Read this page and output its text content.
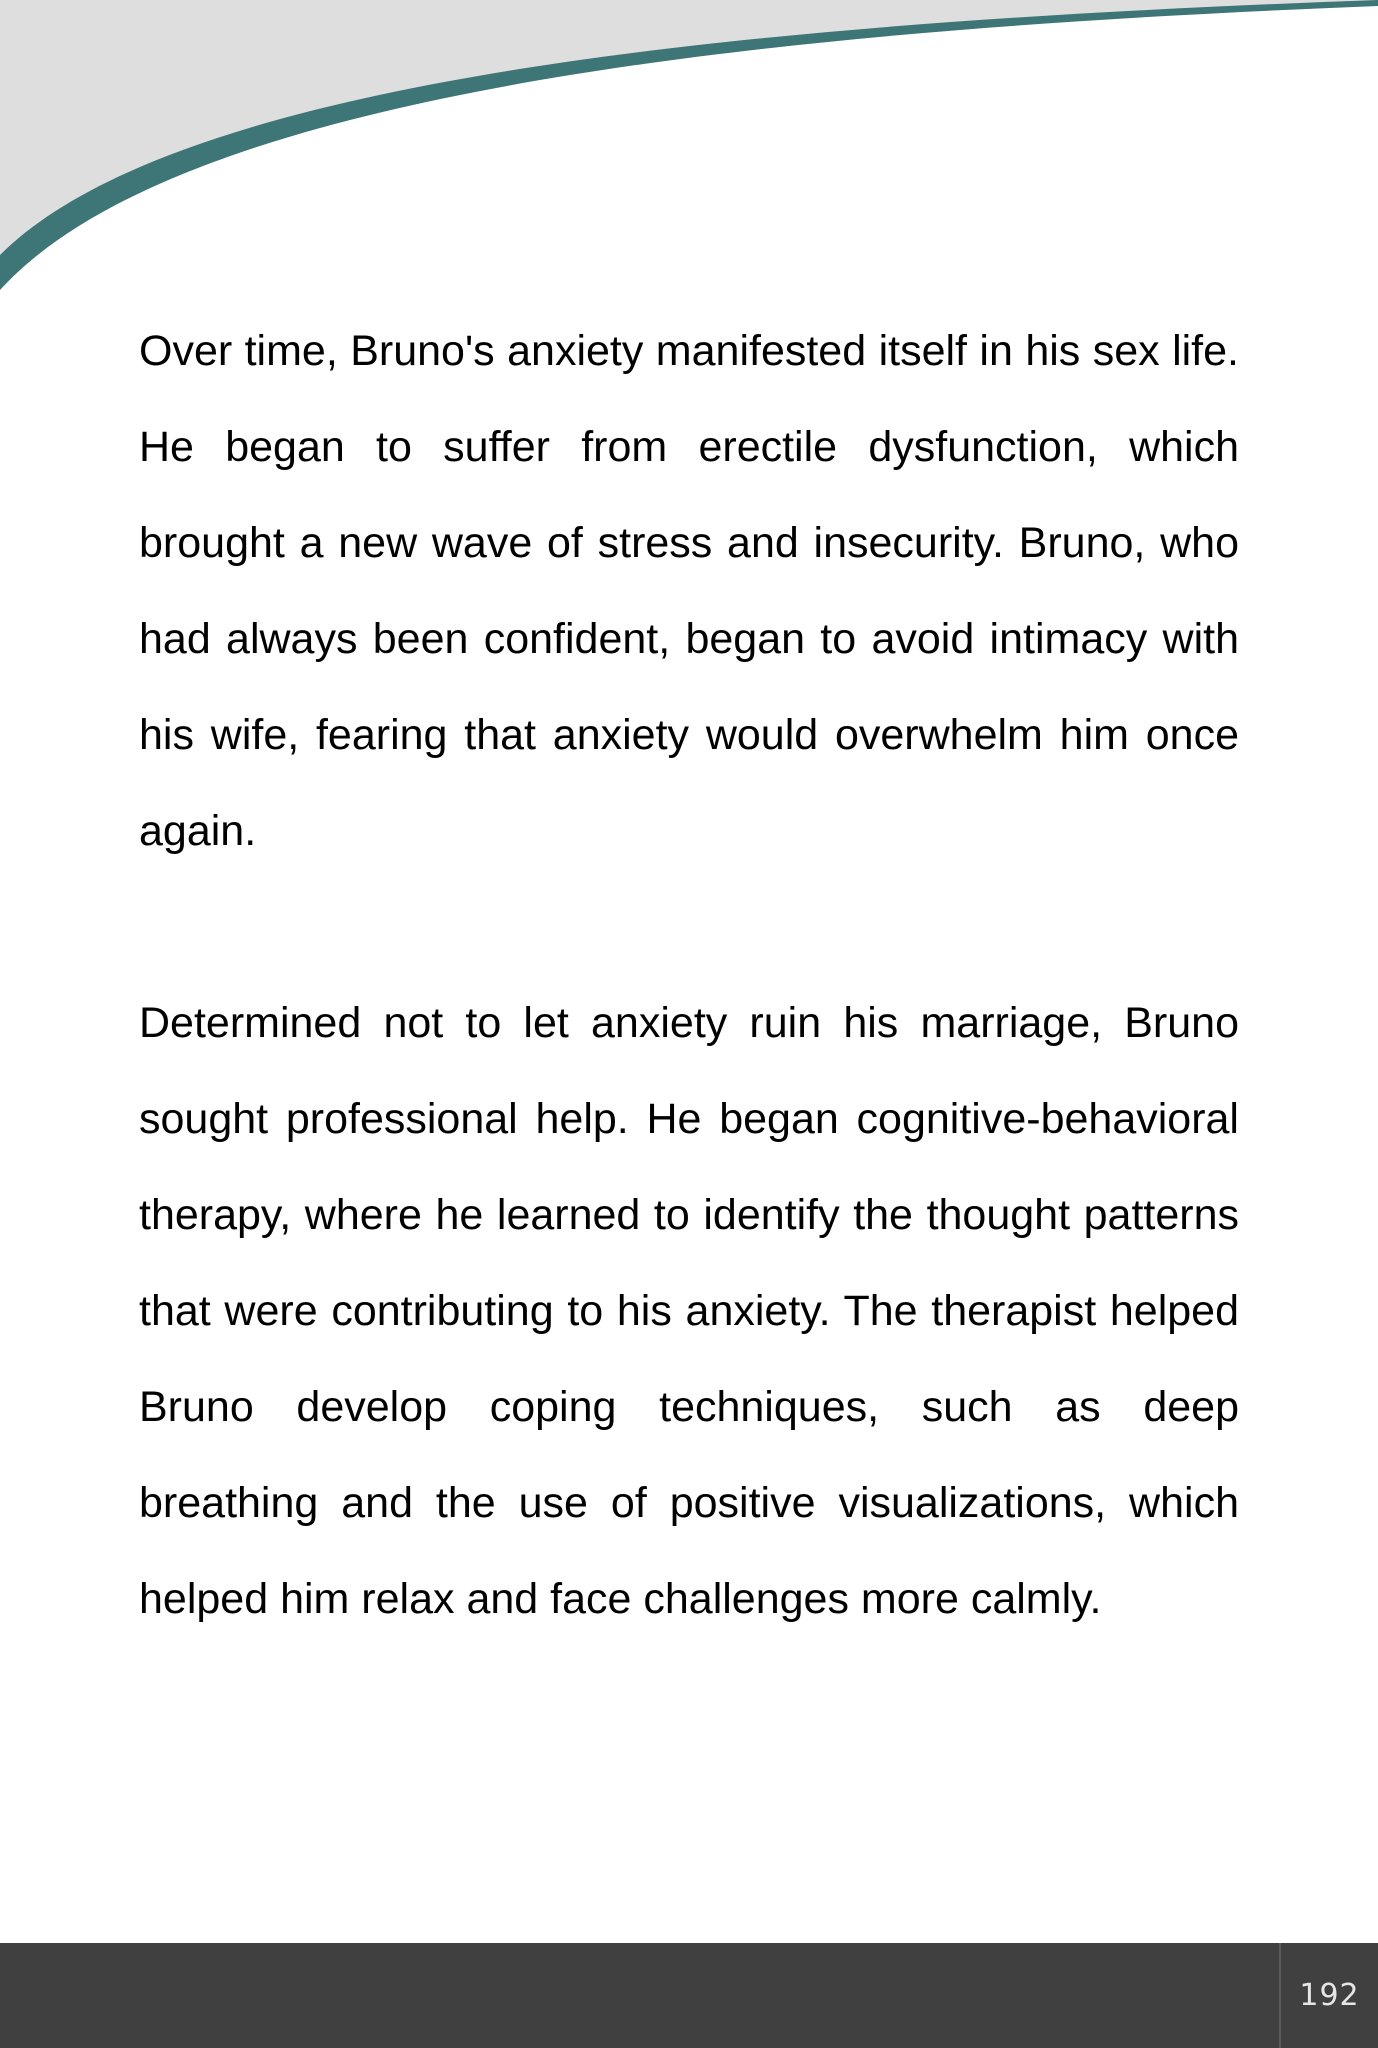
Over time, Bruno's anxiety manifested itself in his sex life. He began to suffer from erectile dysfunction, which brought a new wave of stress and insecurity. Bruno, who had always been confident, began to avoid intimacy with his wife, fearing that anxiety would overwhelm him once again.

Determined not to let anxiety ruin his marriage, Bruno sought professional help. He began cognitive-behavioral therapy, where he learned to identify the thought patterns that were contributing to his anxiety. The therapist helped Bruno develop coping techniques, such as deep breathing and the use of positive visualizations, which helped him relax and face challenges more calmly.

192
